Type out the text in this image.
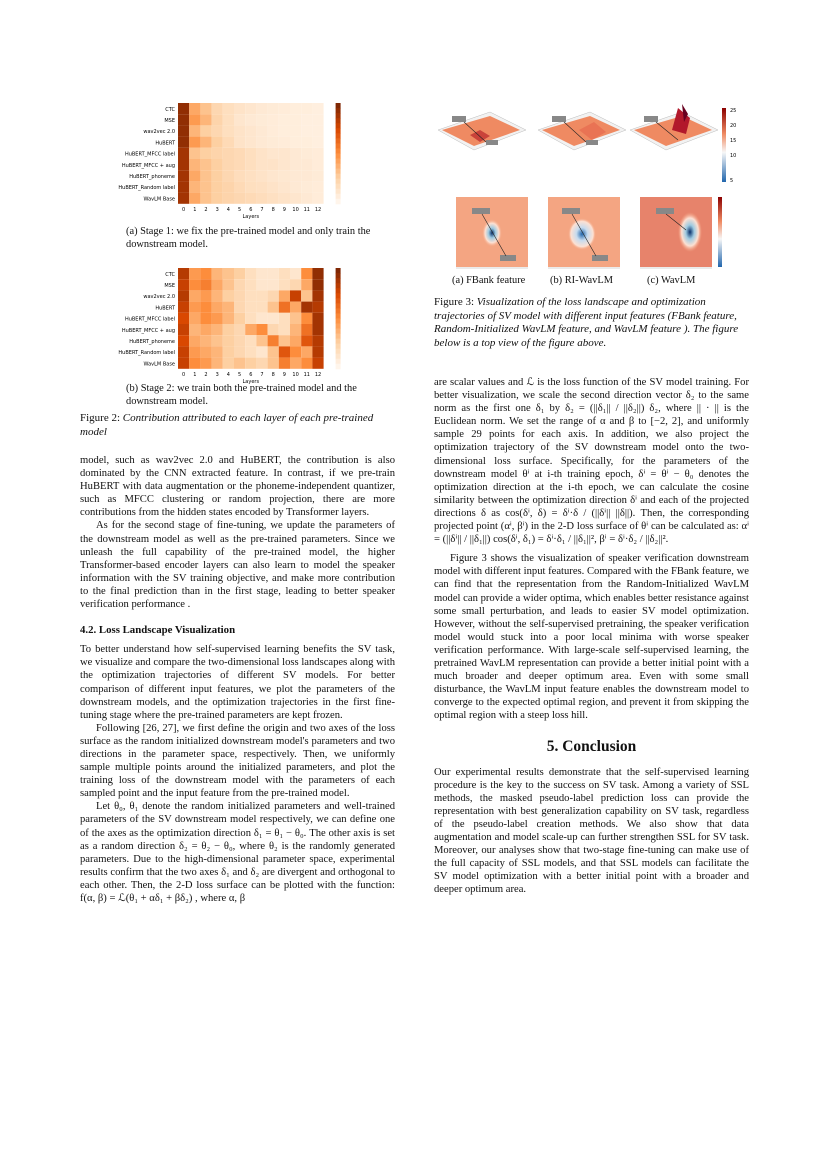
CTC
MSE
wav2vec 2.0
HuBERT
HuBERT_MFCC label
HuBERT_MFCC + aug
HuBERT_phoneme
HuBERT_Random label
WavLM Base
0 1 2 3 4 5 6 7 8 9 10 11 12
Layers
(a) Stage 1: we fix the pre-trained model and only train the downstream model.
CTC
MSE
wav2vec 2.0
HuBERT
HuBERT_MFCC label
HuBERT_MFCC + aug
HuBERT_phoneme
HuBERT_Random label
WavLM Base
0 1 2 3 4 5 6 7 8 9 10 11 12
Layers
(b) Stage 2: we train both the pre-trained model and the downstream model.
Figure 2: Contribution attributed to each layer of each pre-trained model
25
20
15
10
5
(a) FBank feature (b) RI-WavLM	(c) WavLM
Figure 3: Visualization of the loss landscape and optimization trajectories of SV model with different input features (FBank feature, Random-Initialized WavLM feature, and WavLM feature ). The figure below is a top view of the figure above.

model, such as wav2vec 2.0 and HuBERT, the contribution is also dominated by the CNN extracted feature. In contrast, if we pre-train HuBERT with data augmentation or the phoneme-independent quantizer, such as MFCC clustering or random projection, there are more contributions from the hidden states encoded by Transformer layers.

As for the second stage of fine-tuning, we update the parameters of the downstream model as well as the pre-trained parameters. Since we unleash the full capability of the pre-trained model, the higher Transformer-based encoder layers can also learn to model the speaker information with the SV training objective, and make more contribution to the final prediction than in the first stage, leading to better speaker verification performance .

4.2. Loss Landscape Visualization

To better understand how self-supervised learning benefits the SV task, we visualize and compare the two-dimensional loss landscapes along with the optimization trajectories of different SV models. For better comparison of different input features, we plot the parameters of the downstream models, and the optimization trajectories in the first fine-tuning stage where the pre-trained parameters are kept frozen.

Following [26, 27], we first define the origin and two axes of the loss surface as the random initialized downstream model's parameters and two directions in the parameter space, respectively. Then, we uniformly sample multiple points around the initialized parameters, and plot the training loss of the downstream model with the parameters of each sampled point and the input feature from the pre-trained model.

Let θ₀, θ₁ denote the random initialized parameters and well-trained parameters of the SV downstream model respectively, we can define one of the axes as the optimization direction δ₁ = θ₁ − θ₀. The other axis is set as a random direction δ₂ = θ₂ − θ₀, where θ₂ is the randomly generated parameters. Due to the high-dimensional parameter space, experimental results confirm that the two axes δ₁ and δ₂ are divergent and orthogonal to each other. Then, the 2-D loss surface can be plotted with the function: f(α, β) = ℒ(θ₁ + αδ₁ + βδ₂) , where α, β

are scalar values and ℒ is the loss function of the SV model training. For better visualization, we scale the second direction vector δ₂ to the same norm as the first one δ₁ by δ₂ = (||δ₁|| / ||δ₂||) δ₂, where || · || is the Euclidean norm. We set the range of α and β to [−2, 2], and uniformly sample 29 points for each axis. In addition, we also project the optimization trajectory of the SV downstream model onto the two-dimensional loss surface. Specifically, for the parameters of the downstream model θⁱ at i-th training epoch, δⁱ = θⁱ − θ₀ denotes the optimization direction at the i-th epoch, we can calculate the cosine similarity between the optimization direction δⁱ and each of the projected directions δ as cos(δⁱ, δ) = δⁱ·δ / (||δⁱ|| ||δ||). Then, the corresponding projected point (αⁱ, βⁱ) in the 2-D loss surface of θⁱ can be calculated as: αⁱ = (||δⁱ|| / ||δ₁||) cos(δⁱ, δ₁) = δⁱ·δ₁ / ||δ₁||², βⁱ = δⁱ·δ₂ / ||δ₂||².

Figure 3 shows the visualization of speaker verification downstream model with different input features. Compared with the FBank feature, we can find that the representation from the Random-Initialized WavLM model can provide a wider optima, which enables better resistance against some small perturbation, and leads to easier SV model optimization. However, without the self-supervised pretraining, the speaker verification model would stuck into a poor local minima with worse speaker verification performance. With large-scale self-supervised learning, the pretrained WavLM representation can provide a better initial point with a much broader and deeper optimum area. Even with some small disturbance, the WavLM input feature enables the downstream model to converge to the expected optimal region, and prevent it from skipping the optimal region with a steep loss hill.

5. Conclusion

Our experimental results demonstrate that the self-supervised learning procedure is the key to the success on SV task. Among a variety of SSL methods, the masked pseudo-label prediction loss can provide the representation with best generalization capability on SV task, regardless of the pseudo-label creation methods. We also show that data augmentation and model scale-up can further strengthen SSL for SV task. Moreover, our analyses show that two-stage fine-tuning can make use of the full capacity of SSL models, and that SSL models can facilitate the SV model optimization with a better initial point with a broader and deeper optimum area.
